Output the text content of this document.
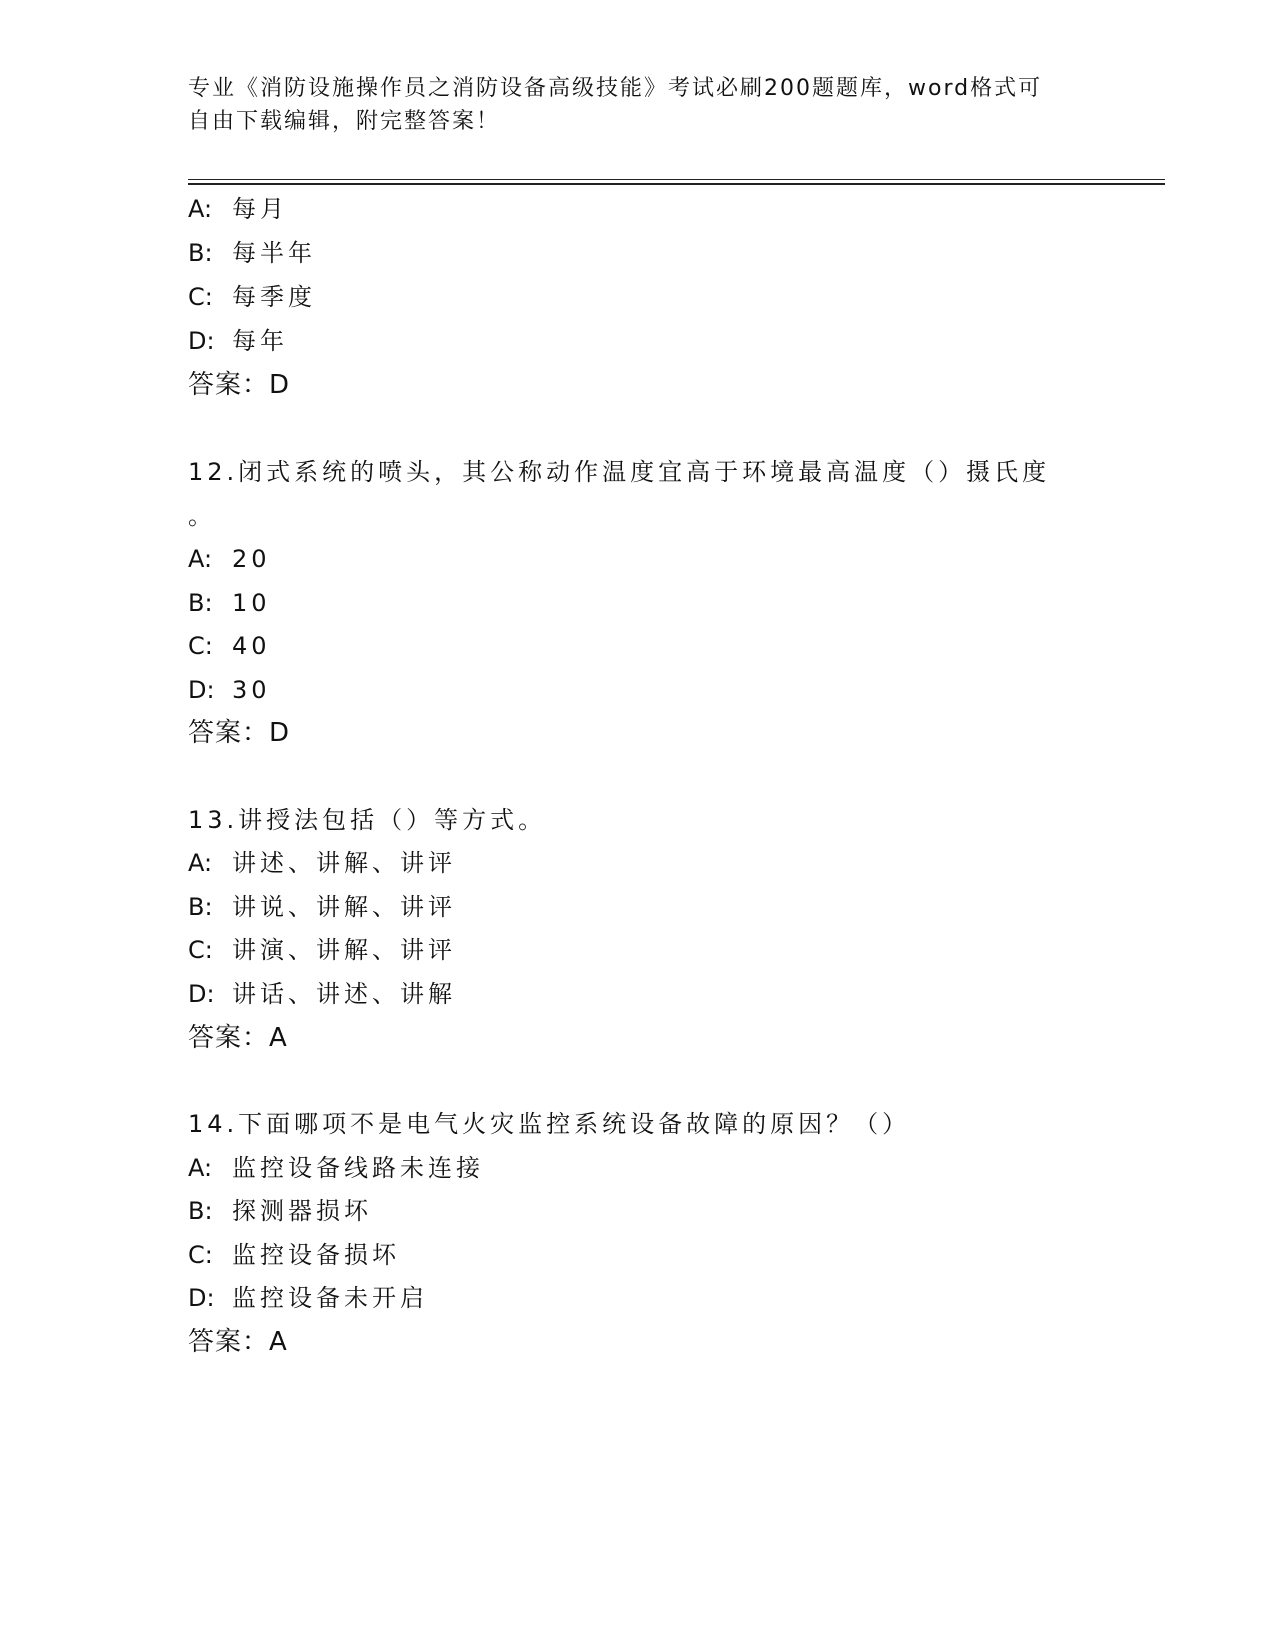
专业《消防设施操作员之消防设备高级技能》考试必刷200题题库，word格式可
自由下载编辑，附完整答案！
A: 每月
B: 每半年
C: 每季度
D: 每年
答案：D
12.闭式系统的喷头，其公称动作温度宜高于环境最高温度（）摄氏度
。
A: 20
B: 10
C: 40
D: 30
答案：D
13.讲授法包括（）等方式。
A: 讲述、讲解、讲评
B: 讲说、讲解、讲评
C: 讲演、讲解、讲评
D: 讲话、讲述、讲解
答案：A
14.下面哪项不是电气火灾监控系统设备故障的原因？（）
A: 监控设备线路未连接
B: 探测器损坏
C: 监控设备损坏
D: 监控设备未开启
答案：A
